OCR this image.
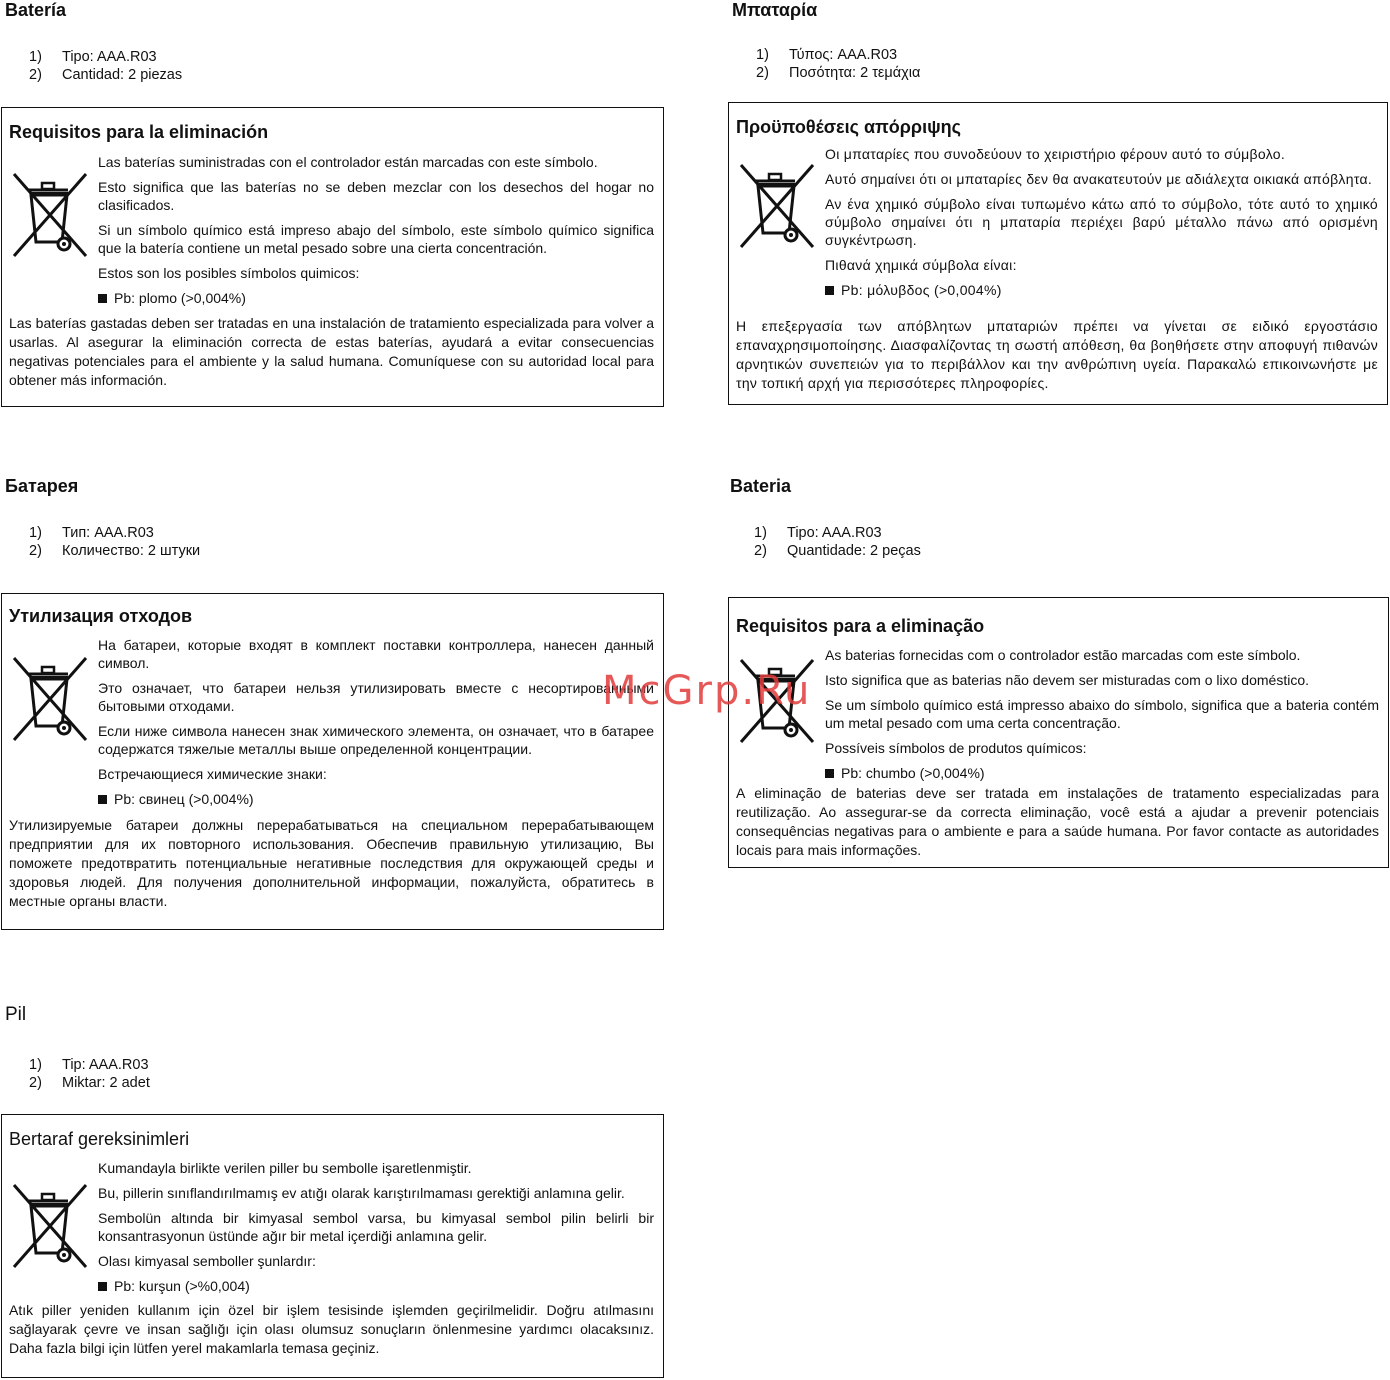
Batería
1)	Tipo: AAA.R03
2)	Cantidad: 2 piezas
Requisitos para la eliminación

Las baterías suministradas con el controlador están marcadas con este símbolo.

Esto significa que las baterías no se deben mezclar con los desechos del hogar no clasificados.

Si un símbolo químico está impreso abajo del símbolo, este símbolo químico significa que la batería contiene un metal pesado sobre una cierta concentración.

Estos son los posibles símbolos quimicos:

Pb: plomo (>0,004%)

Las baterías gastadas deben ser tratadas en una instalación de tratamiento especializada para volver a usarlas. Al asegurar la eliminación correcta de estas baterías, ayudará a evitar consecuencias negativas potenciales para el ambiente y la salud humana. Comuníquese con su autoridad local para obtener más información.

Μπαταρία
1)	Τύπος: AAA.R03
2)	Ποσότητα: 2 τεμάχια
Προϋποθέσεις απόρριψης

Οι μπαταρίες που συνοδεύουν το χειριστήριο φέρουν αυτό το σύμβολο.

Αυτό σημαίνει ότι οι μπαταρίες δεν θα ανακατευτούν με αδιάλεχτα οικιακά απόβλητα.

Αν ένα χημικό σύμβολο είναι τυπωμένο κάτω από το σύμβολο, τότε αυτό το χημικό σύμβολο σημαίνει ότι η μπαταρία περιέχει βαρύ μέταλλο πάνω από ορισμένη συγκέντρωση.

Πιθανά χημικά σύμβολα είναι:

Pb: μόλυβδος (>0,004%)

Η επεξεργασία των απόβλητων μπαταριών πρέπει να γίνεται σε ειδικό εργοστάσιο επαναχρησιμοποίησης. Διασφαλίζοντας τη σωστή απόθεση, θα βοηθήσετε στην αποφυγή πιθανών αρνητικών συνεπειών για το περιβάλλον και την ανθρώπινη υγεία. Παρακαλώ επικοινωνήστε με την τοπική αρχή για περισσότερες πληροφορίες.

Батарея
1)	Тип: AAA.R03
2)	Количество: 2 штуки
Утилизация отходов

На батареи, которые входят в комплект поставки контроллера, нанесен данный символ.

Это означает, что батареи нельзя утилизировать вместе с несортированными бытовыми отходами.

Если ниже символа нанесен знак химического элемента, он означает, что в батарее содержатся тяжелые металлы выше определенной концентрации.

Встречающиеся химические знаки:

Pb: свинец (>0,004%)

Утилизируемые батареи должны перерабатываться на специальном перерабатывающем предприятии для их повторного использования. Обеспечив правильную утилизацию, Вы поможете предотвратить потенциальные негативные последствия для окружающей среды и здоровья людей. Для получения дополнительной информации, пожалуйста, обратитесь в местные органы власти.

Bateria
1)	Tipo: AAA.R03
2)	Quantidade: 2 peças
Requisitos para a eliminação

As baterias fornecidas com o controlador estão marcadas com este símbolo.

Isto significa que as baterias não devem ser misturadas com o lixo doméstico.

Se um símbolo químico está impresso abaixo do símbolo, significa que a bateria contém um metal pesado com uma certa concentração.

Possíveis símbolos de produtos químicos:

Pb: chumbo (>0,004%)

A eliminação de baterias deve ser tratada em instalações de tratamento especializadas para reutilização. Ao assegurar-se da correcta eliminação, você está a ajudar a prevenir potenciais consequências negativas para o ambiente e para a saúde humana. Por favor contacte as autoridades locais para mais informações.

Pil
1)	Tip: AAA.R03
2)	Miktar: 2 adet
Bertaraf gereksinimleri

Kumandayla birlikte verilen piller bu sembolle işaretlenmiştir.

Bu, pillerin sınıflandırılmamış ev atığı olarak karıştırılmaması gerektiği anlamına gelir.

Sembolün altında bir kimyasal sembol varsa, bu kimyasal sembol pilin belirli bir konsantrasyonun üstünde ağır bir metal içerdiği anlamına gelir.

Olası kimyasal semboller şunlardır:

Pb: kurşun (>%0,004)

Atık piller yeniden kullanım için özel bir işlem tesisinde işlemden geçirilmelidir. Doğru atılmasını sağlayarak çevre ve insan sağlığı için olası olumsuz sonuçların önlenmesine yardımcı olacaksınız. Daha fazla bilgi için lütfen yerel makamlarla temasa geçiniz.

McGrp.Ru
